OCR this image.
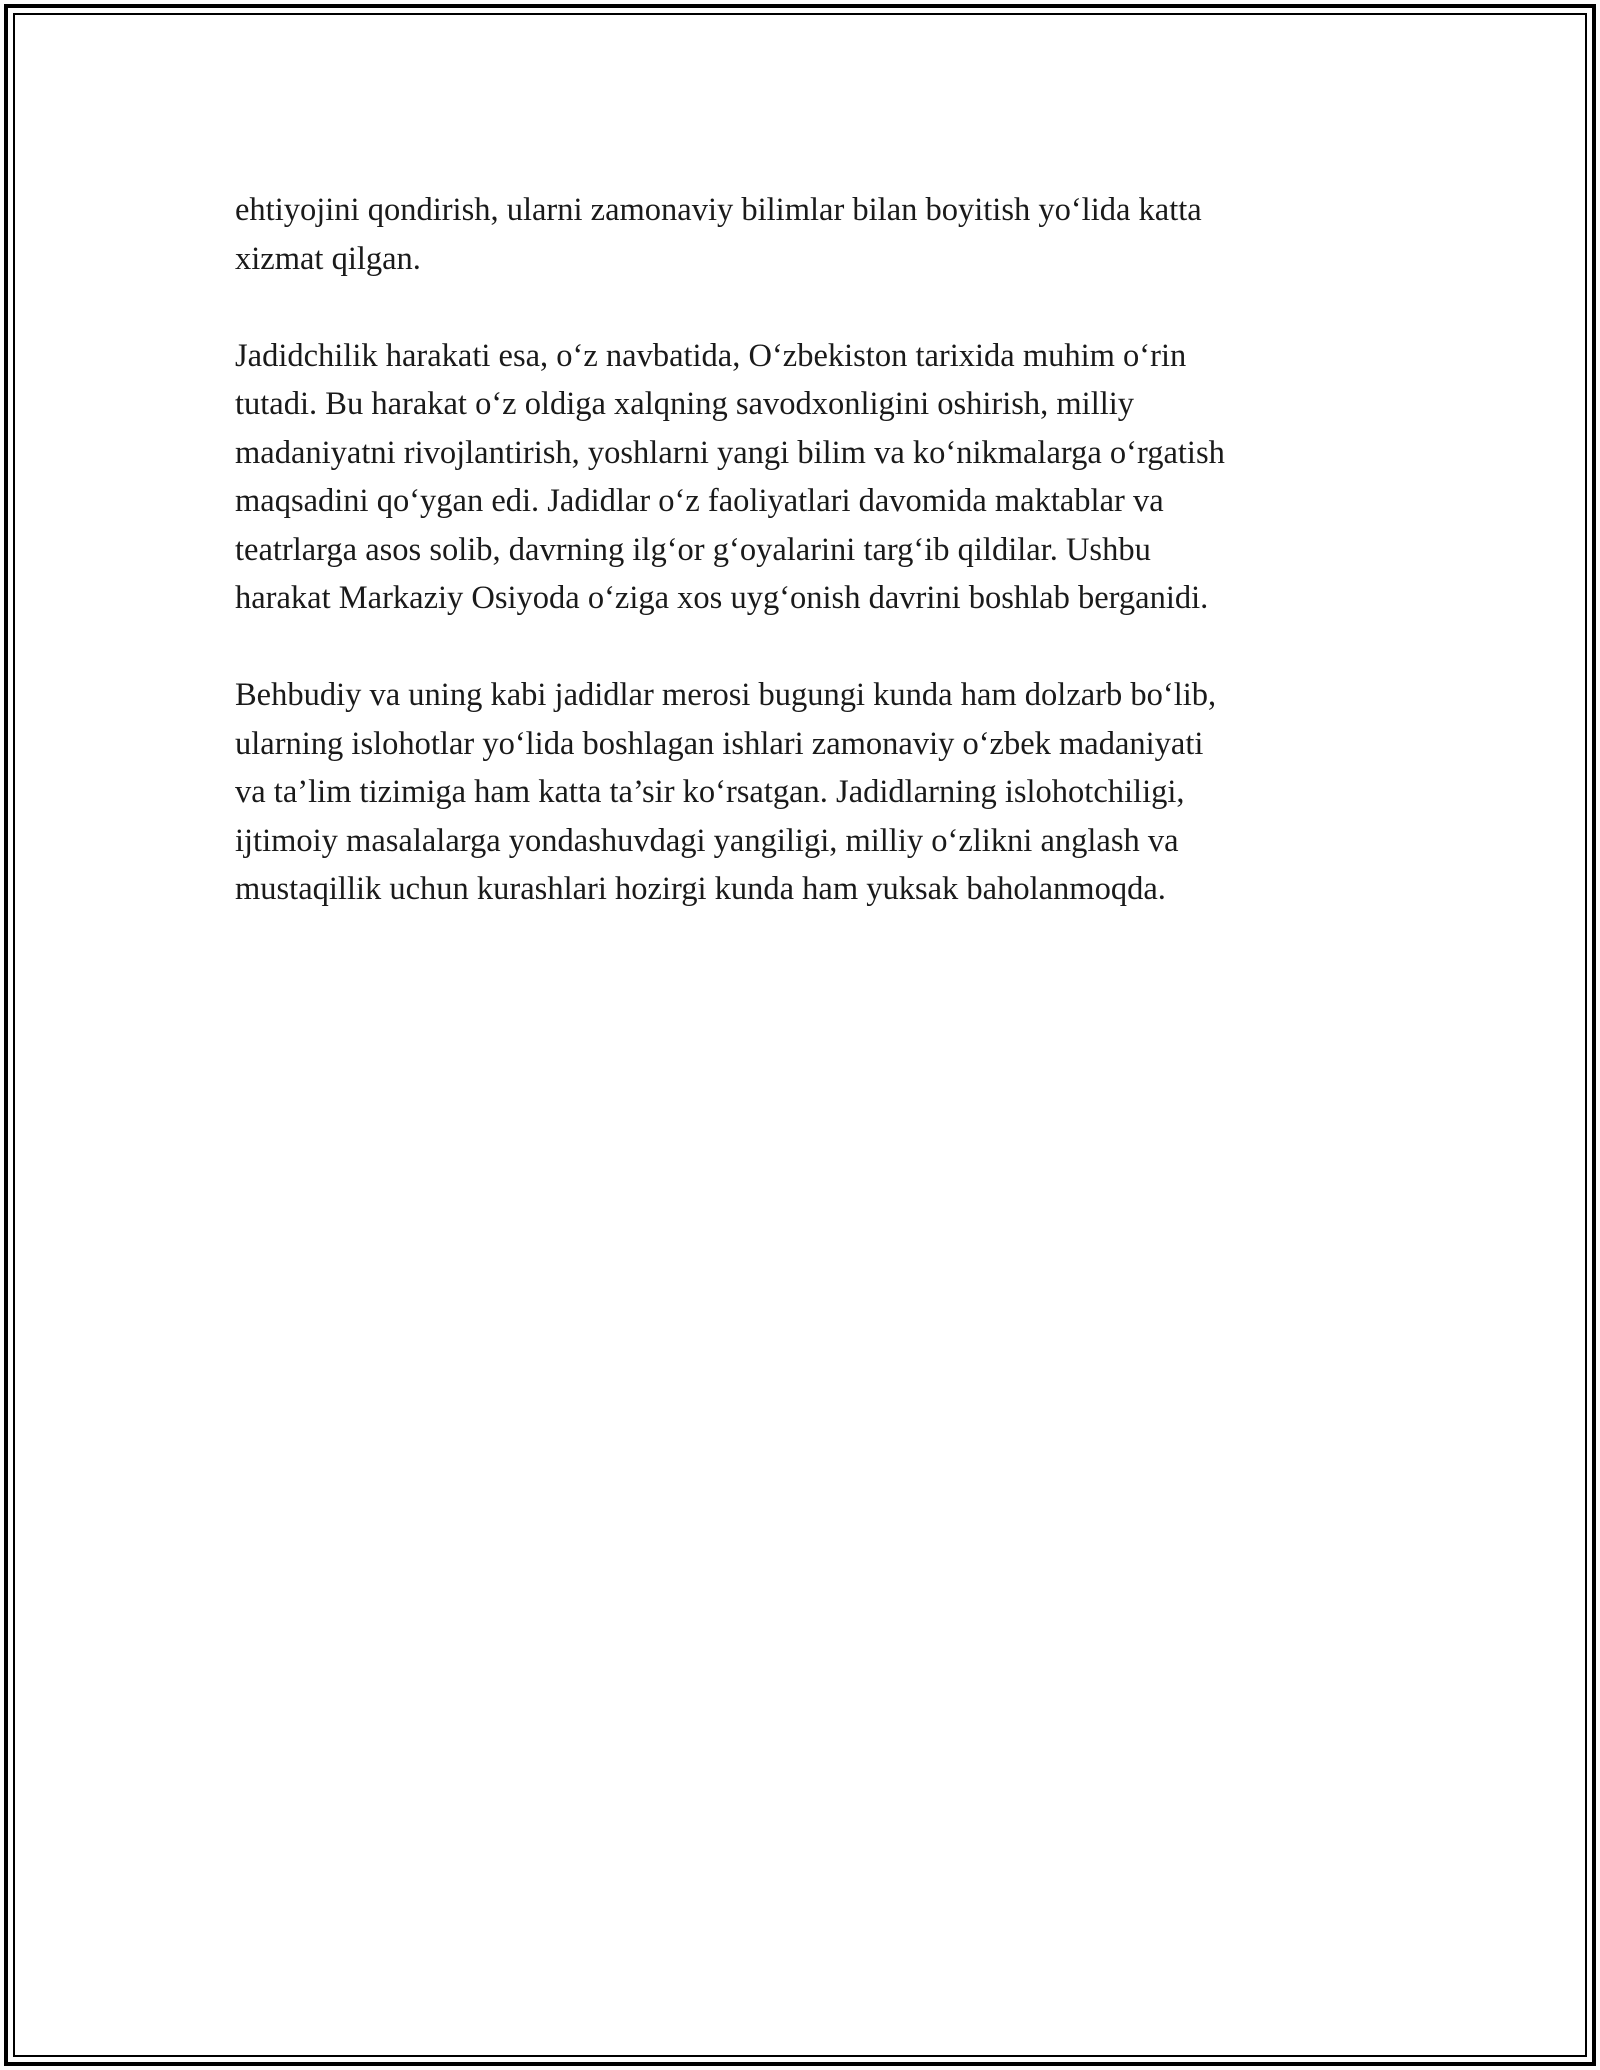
ehtiyojini qondirish, ularni zamonaviy bilimlar bilan boyitish yo‘lida katta
xizmat qilgan.

Jadidchilik harakati esa, o‘z navbatida, O‘zbekiston tarixida muhim o‘rin
tutadi. Bu harakat o‘z oldiga xalqning savodxonligini oshirish, milliy
madaniyatni rivojlantirish, yoshlarni yangi bilim va ko‘nikmalarga o‘rgatish
maqsadini qo‘ygan edi. Jadidlar o‘z faoliyatlari davomida maktablar va
teatrlarga asos solib, davrning ilg‘or g‘oyalarini targ‘ib qildilar. Ushbu
harakat Markaziy Osiyoda o‘ziga xos uyg‘onish davrini boshlab berganidi.

Behbudiy va uning kabi jadidlar merosi bugungi kunda ham dolzarb bo‘lib,
ularning islohotlar yo‘lida boshlagan ishlari zamonaviy o‘zbek madaniyati
va ta’lim tizimiga ham katta ta’sir ko‘rsatgan. Jadidlarning islohotchiligi,
ijtimoiy masalalarga yondashuvdagi yangiligi, milliy o‘zlikni anglash va
mustaqillik uchun kurashlari hozirgi kunda ham yuksak baholanmoqda.
